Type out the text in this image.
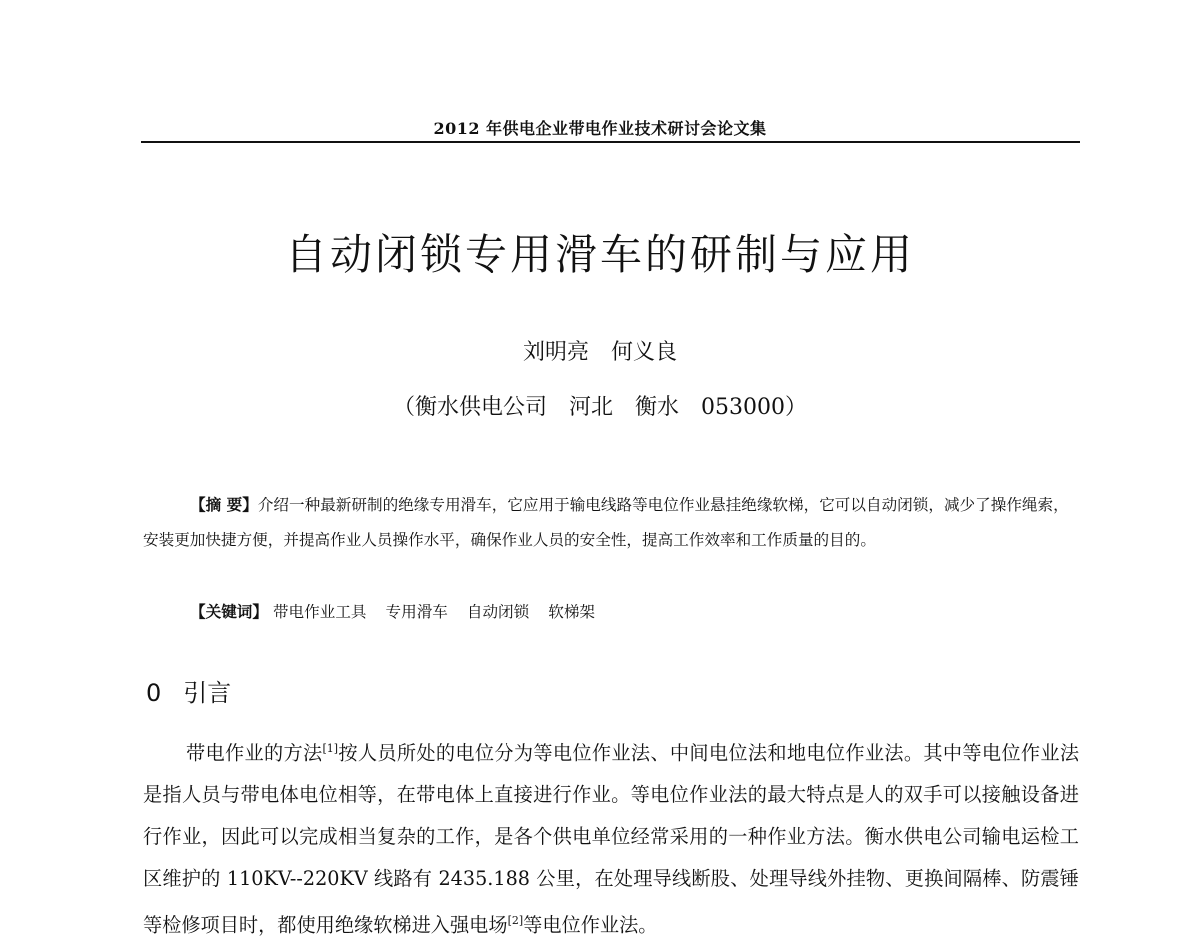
2012 年供电企业带电作业技术研讨会论文集
自动闭锁专用滑车的研制与应用
刘明亮　何义良
（衡水供电公司　河北　衡水　053000）

【摘 要】介绍一种最新研制的绝缘专用滑车，它应用于输电线路等电位作业悬挂绝缘软梯，它可以自动闭锁，减少了操作绳索，安装更加快捷方便，并提高作业人员操作水平，确保作业人员的安全性，提高工作效率和工作质量的目的。

【关键词】 带电作业工具 专用滑车 自动闭锁 软梯架
0 引言

带电作业的方法[1]按人员所处的电位分为等电位作业法、中间电位法和地电位作业法。其中等电位作业法是指人员与带电体电位相等，在带电体上直接进行作业。等电位作业法的最大特点是人的双手可以接触设备进行作业，因此可以完成相当复杂的工作，是各个供电单位经常采用的一种作业方法。衡水供电公司输电运检工区维护的 110KV--220KV 线路有 2435.188 公里，在处理导线断股、处理导线外挂物、更换间隔棒、防震锤等检修项目时，都使用绝缘软梯进入强电场[2]等电位作业法。
